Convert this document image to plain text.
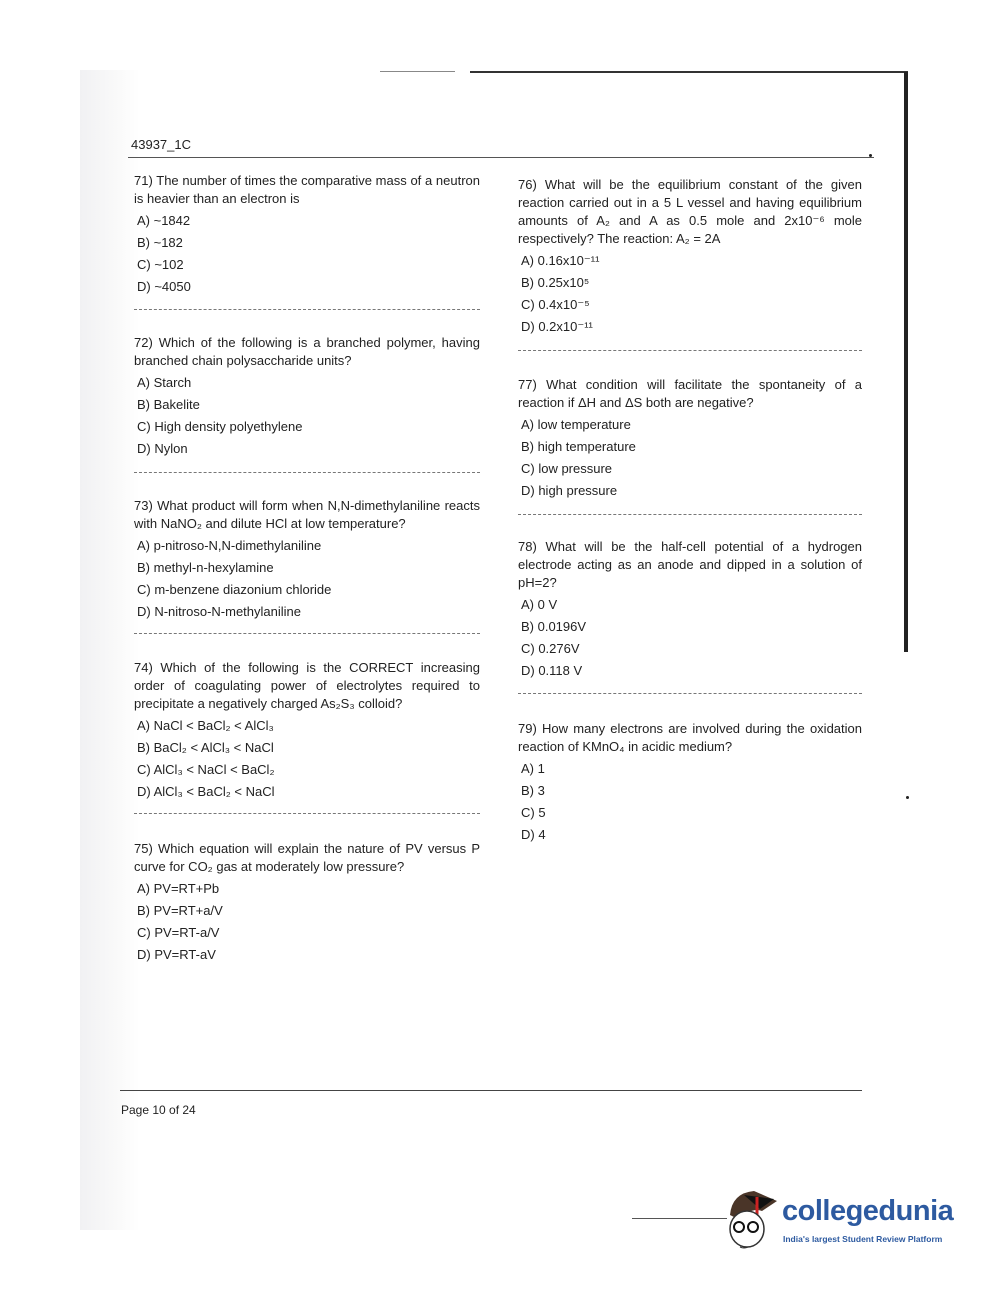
43937_1C
71) The number of times the comparative mass of a neutron is heavier than an electron is
A) ~1842
B) ~182
C) ~102
D) ~4050
72) Which of the following is a branched polymer, having branched chain polysaccharide units?
A) Starch
B) Bakelite
C) High density polyethylene
D) Nylon
73) What product will form when N,N-dimethylaniline reacts with NaNO₂ and dilute HCl at low temperature?
A) p-nitroso-N,N-dimethylaniline
B) methyl-n-hexylamine
C) m-benzene diazonium chloride
D) N-nitroso-N-methylaniline
74) Which of the following is the CORRECT increasing order of coagulating power of electrolytes required to precipitate a negatively charged As₂S₃ colloid?
A) NaCl < BaCl₂ < AlCl₃
B) BaCl₂ < AlCl₃ < NaCl
C) AlCl₃ < NaCl < BaCl₂
D) AlCl₃ < BaCl₂ < NaCl
75) Which equation will explain the nature of PV versus P curve for CO₂ gas at moderately low pressure?
A) PV=RT+Pb
B) PV=RT+a/V
C) PV=RT-a/V
D) PV=RT-aV
76) What will be the equilibrium constant of the given reaction carried out in a 5 L vessel and having equilibrium amounts of A₂ and A as 0.5 mole and 2x10⁻⁶ mole respectively? The reaction: A₂ = 2A
A) 0.16x10⁻¹¹
B) 0.25x10⁵
C) 0.4x10⁻⁵
D) 0.2x10⁻¹¹
77) What condition will facilitate the spontaneity of a reaction if ΔH and ΔS both are negative?
A) low temperature
B) high temperature
C) low pressure
D) high pressure
78) What will be the half-cell potential of a hydrogen electrode acting as an anode and dipped in a solution of pH=2?
A) 0 V
B) 0.0196V
C) 0.276V
D) 0.118 V
79) How many electrons are involved during the oxidation reaction of KMnO₄ in acidic medium?
A) 1
B) 3
C) 5
D) 4
Page 10 of 24
collegedunia
India's largest Student Review Platform
